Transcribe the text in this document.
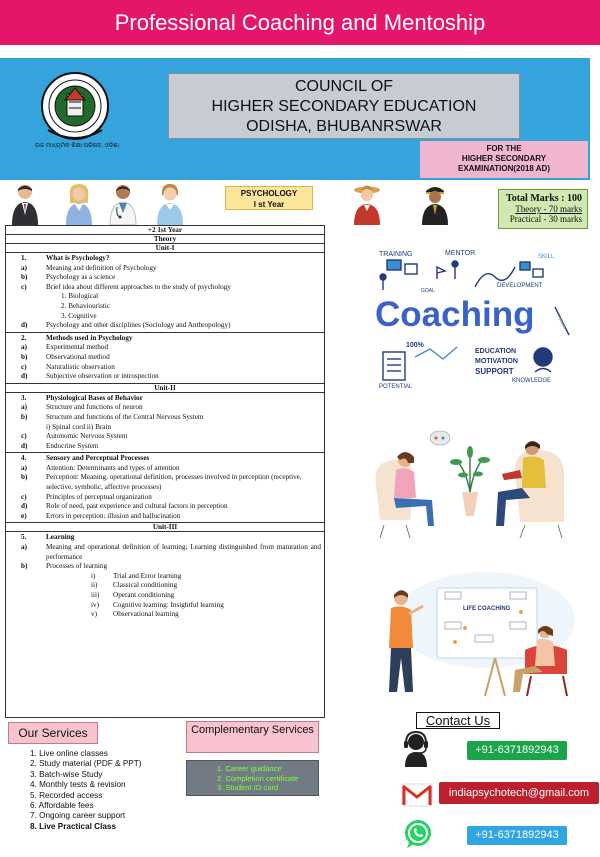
Professional Coaching and Mentoship
ଉଚ୍ଚ ମାଧ୍ୟମିକ ଶିକ୍ଷା ପରିଷଦ, ଓଡ଼ିଶା
COUNCIL OF
HIGHER SECONDARY EDUCATION
ODISHA, BHUBANRSWAR
FOR THE
HIGHER SECONDARY
EXAMINATION(2018 AD)
PSYCHOLOGY
I st Year
Total Marks : 100
Theory - 70 marks
Practical - 30 marks
+2 1st Year
Theory
Unit-I
1.	What is Psychology?
a)	Meaning and definition of Psychology
b)	Psychology as a science
c)	Brief idea about different approaches to the study of psychology
1. Biological
2. Behaviouristic
3. Cognitive
d)	Psychology and other disciplines (Sociology and Anthropology)
2.	Methods used in Psychology
a)	Experimental method
b)	Observational method
c)	Naturalistic observation
d)	Subjective observation or introspection
Unit-II
3.	Physiological Bases of Behavior
a)	Structure and functions of neuron
b)	Structure and functions of the Central Nervous System
i) Spinal cord ii) Brain
c)	Autonomic Nervous System
d)	Endocrine System
4.	Sensory and Perceptual Processes
a)	Attention: Determinants and types of attention
b)	Perception: Meaning, operational definition, processes involved in perception (receptive, selective, symbolic, affective processes)
c)	Principles of perceptual organization
d)	Role of need, past experience and cultural factors in perception
e)	Errors in perception: illusion and hallucination
Unit-III
5.	Learning
a)	Meaning and operational definition of learning; Learning distinguished from maturation and performance
b)	Processes of learning
i)	Trial and Error learning
ii)	Classical conditioning
iii)	Operant conditioning
iv)	Cognitive learning: Insightful learning
v)	Observational learning
TRAINING	MENTOR	SKILL
GOAL
DEVELOPMENT
Coaching
100%
EDUCATION
MOTIVATION
SUPPORT
POTENTIAL
KNOWLEDGE
LIFE COACHING
Our Services
1. Live online classes
2. Study material (PDF & PPT)
3. Batch-wise Study
4. Monthly tests & revision
5. Recorded access
6. Affordable fees
7. Ongoing career support
8. Live Practical Class
Complementary Services
1. Career guidance
2. Completion certificate
3. Student ID card
Contact Us
+91-6371892943
indiapsychotech@gmail.com
+91-6371892943
